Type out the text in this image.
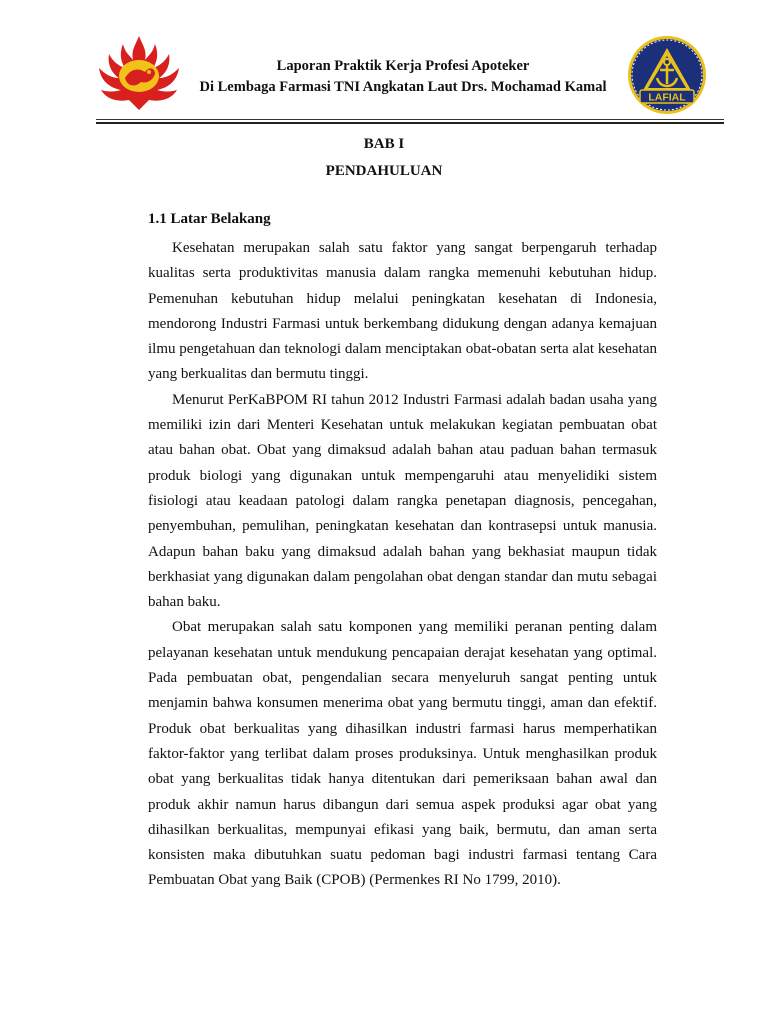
Laporan Praktik Kerja Profesi Apoteker
Di Lembaga Farmasi TNI Angkatan Laut Drs. Mochamad Kamal
LAFIAL
BAB I
PENDAHULUAN
1.1 Latar Belakang

Kesehatan merupakan salah satu faktor yang sangat berpengaruh terhadap kualitas serta produktivitas manusia dalam rangka memenuhi kebutuhan hidup. Pemenuhan kebutuhan hidup melalui peningkatan kesehatan di Indonesia, mendorong Industri Farmasi untuk berkembang didukung dengan adanya kemajuan ilmu pengetahuan dan teknologi dalam menciptakan obat-obatan serta alat kesehatan yang berkualitas dan bermutu tinggi.

Menurut PerKaBPOM RI tahun 2012 Industri Farmasi adalah badan usaha yang memiliki izin dari Menteri Kesehatan untuk melakukan kegiatan pembuatan obat atau bahan obat. Obat yang dimaksud adalah bahan atau paduan bahan termasuk produk biologi yang digunakan untuk mempengaruhi atau menyelidiki sistem fisiologi atau keadaan patologi dalam rangka penetapan diagnosis, pencegahan, penyembuhan, pemulihan, peningkatan kesehatan dan kontrasepsi untuk manusia. Adapun bahan baku yang dimaksud adalah bahan yang bekhasiat maupun tidak berkhasiat yang digunakan dalam pengolahan obat dengan standar dan mutu sebagai bahan baku.

Obat merupakan salah satu komponen yang memiliki peranan penting dalam pelayanan kesehatan untuk mendukung pencapaian derajat kesehatan yang optimal. Pada pembuatan obat, pengendalian secara menyeluruh sangat penting untuk menjamin bahwa konsumen menerima obat yang bermutu tinggi, aman dan efektif. Produk obat berkualitas yang dihasilkan industri farmasi harus memperhatikan faktor-faktor yang terlibat dalam proses produksinya. Untuk menghasilkan produk obat yang berkualitas tidak hanya ditentukan dari pemeriksaan bahan awal dan produk akhir namun harus dibangun dari semua aspek produksi agar obat yang dihasilkan berkualitas, mempunyai efikasi yang baik, bermutu, dan aman serta konsisten maka dibutuhkan suatu pedoman bagi industri farmasi tentang Cara Pembuatan Obat yang Baik (CPOB) (Permenkes RI No 1799, 2010).
